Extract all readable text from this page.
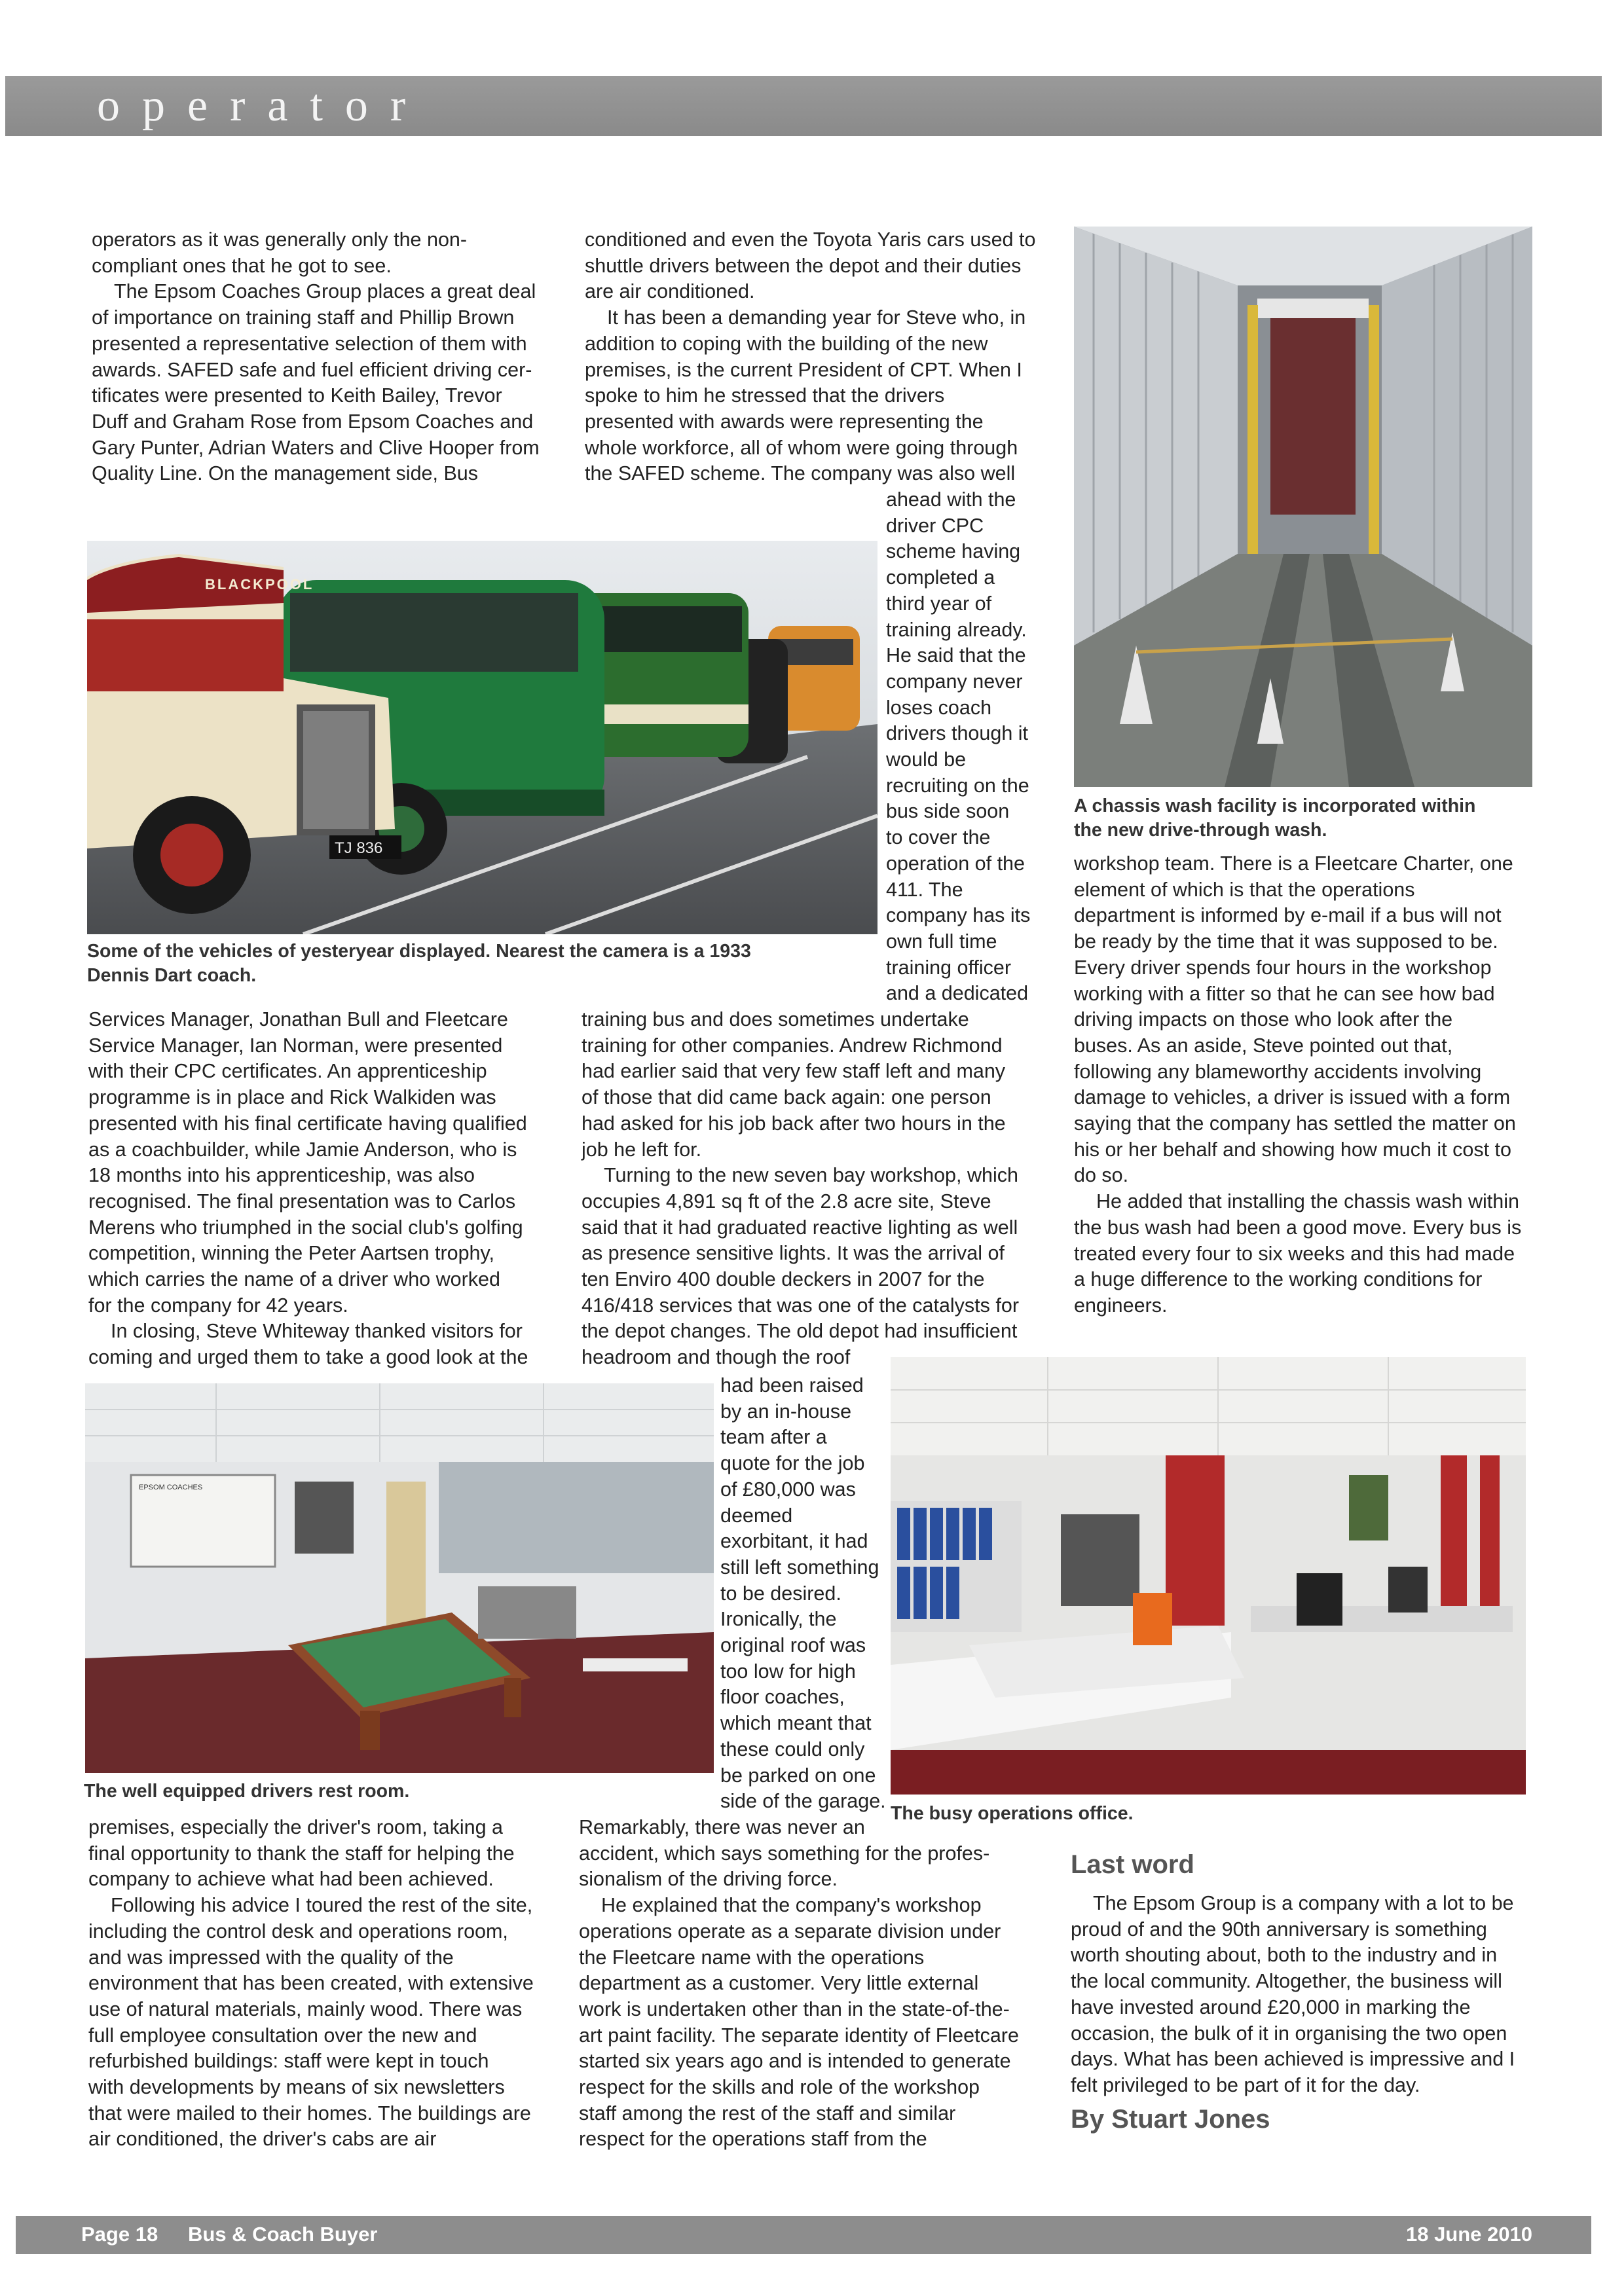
operator

operators as it was generally only the non-

compliant ones that he got to see.

The Epsom Coaches Group places a great deal

of importance on training staff and Phillip Brown

presented a representative selection of them with

awards. SAFED safe and fuel efficient driving cer-

tificates were presented to Keith Bailey, Trevor

Duff and Graham Rose from Epsom Coaches and

Gary Punter, Adrian Waters and Clive Hooper from

Quality Line. On the management side, Bus

conditioned and even the Toyota Yaris cars used to

shuttle drivers between the depot and their duties

are air conditioned.

It has been a demanding year for Steve who, in

addition to coping with the building of the new

premises, is the current President of CPT. When I

spoke to him he stressed that the drivers

presented with awards were representing the

whole workforce, all of whom were going through

the SAFED scheme. The company was also well

ahead with the

driver CPC

scheme having

completed a

third year of

training already.

He said that the

company never

loses coach

drivers though it

would be

recruiting on the

bus side soon

to cover the

operation of the

411. The

company has its

own full time

training officer

and a dedicated

BLACKPOOL
TJ 836
Some of the vehicles of yesteryear displayed. Nearest the camera is a 1933
Dennis Dart coach.
A chassis wash facility is incorporated within
the new drive-through wash.

Services Manager, Jonathan Bull and Fleetcare

Service Manager, Ian Norman, were presented

with their CPC certificates. An apprenticeship

programme is in place and Rick Walkiden was

presented with his final certificate having qualified

as a coachbuilder, while Jamie Anderson, who is

18 months into his apprenticeship, was also

recognised. The final presentation was to Carlos

Merens who triumphed in the social club's golfing

competition, winning the Peter Aartsen trophy,

which carries the name of a driver who worked

for the company for 42 years.

In closing, Steve Whiteway thanked visitors for

coming and urged them to take a good look at the

training bus and does sometimes undertake

training for other companies. Andrew Richmond

had earlier said that very few staff left and many

of those that did came back again: one person

had asked for his job back after two hours in the

job he left for.

Turning to the new seven bay workshop, which

occupies 4,891 sq ft of the 2.8 acre site, Steve

said that it had graduated reactive lighting as well

as presence sensitive lights. It was the arrival of

ten Enviro 400 double deckers in 2007 for the

416/418 services that was one of the catalysts for

the depot changes. The old depot had insufficient

headroom and though the roof

workshop team. There is a Fleetcare Charter, one

element of which is that the operations

department is informed by e-mail if a bus will not

be ready by the time that it was supposed to be.

Every driver spends four hours in the workshop

working with a fitter so that he can see how bad

driving impacts on those who look after the

buses. As an aside, Steve pointed out that,

following any blameworthy accidents involving

damage to vehicles, a driver is issued with a form

saying that the company has settled the matter on

his or her behalf and showing how much it cost to

do so.

He added that installing the chassis wash within

the bus wash had been a good move. Every bus is

treated every four to six weeks and this had made

a huge difference to the working conditions for

engineers.

EPSOM COACHES
The well equipped drivers rest room.

had been raised

by an in-house

team after a

quote for the job

of £80,000 was

deemed

exorbitant, it had

still left something

to be desired.

Ironically, the

original roof was

too low for high

floor coaches,

which meant that

these could only

be parked on one

side of the garage.

The busy operations office.

premises, especially the driver's room, taking a

final opportunity to thank the staff for helping the

company to achieve what had been achieved.

Following his advice I toured the rest of the site,

including the control desk and operations room,

and was impressed with the quality of the

environment that has been created, with extensive

use of natural materials, mainly wood. There was

full employee consultation over the new and

refurbished buildings: staff were kept in touch

with developments by means of six newsletters

that were mailed to their homes. The buildings are

air conditioned, the driver's cabs are air

Remarkably, there was never an

accident, which says something for the profes-

sionalism of the driving force.

He explained that the company's workshop

operations operate as a separate division under

the Fleetcare name with the operations

department as a customer. Very little external

work is undertaken other than in the state-of-the-

art paint facility. The separate identity of Fleetcare

started six years ago and is intended to generate

respect for the skills and role of the workshop

staff among the rest of the staff and similar

respect for the operations staff from the

Last word

The Epsom Group is a company with a lot to be

proud of and the 90th anniversary is something

worth shouting about, both to the industry and in

the local community. Altogether, the business will

have invested around £20,000 in marking the

occasion, the bulk of it in organising the two open

days. What has been achieved is impressive and I

felt privileged to be part of it for the day.

By Stuart Jones
Page 18 Bus & Coach Buyer	18 June 2010
